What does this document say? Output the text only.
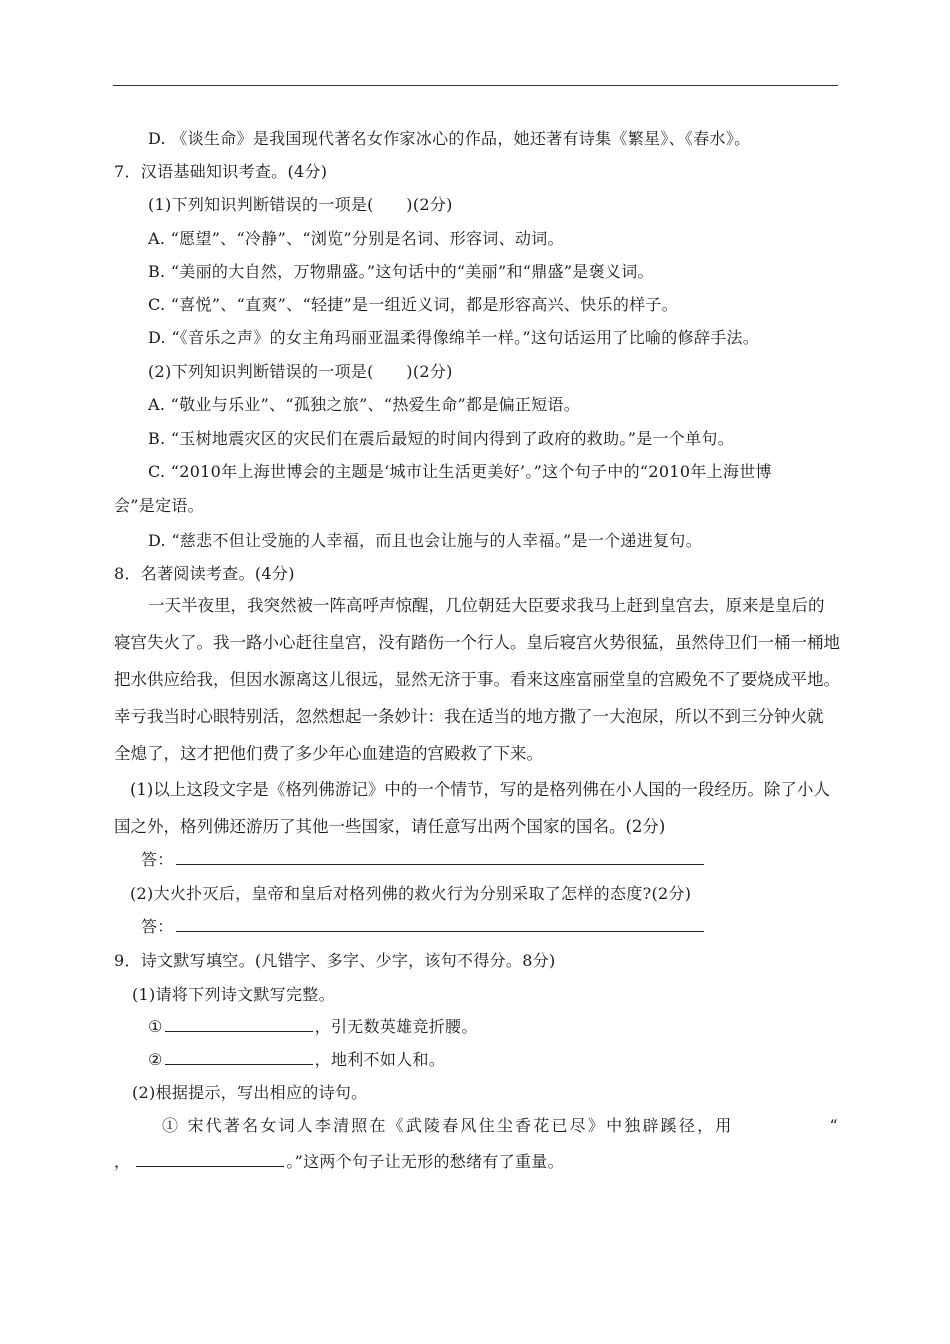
D. 《谈生命》是我国现代著名女作家冰心的作品，她还著有诗集《繁星》、《春水》。
7．汉语基础知识考查。(4分)
(1)下列知识判断错误的一项是(　　)(2分)
A. “愿望”、“冷静”、“浏览”分别是名词、形容词、动词。
B. “美丽的大自然，万物鼎盛。”这句话中的“美丽”和“鼎盛”是褒义词。
C. “喜悦”、“直爽”、“轻捷”是一组近义词，都是形容高兴、快乐的样子。
D. “《音乐之声》的女主角玛丽亚温柔得像绵羊一样。”这句话运用了比喻的修辞手法。
(2)下列知识判断错误的一项是(　　)(2分)
A. “敬业与乐业”、“孤独之旅”、“热爱生命”都是偏正短语。
B. “玉树地震灾区的灾民们在震后最短的时间内得到了政府的救助。”是一个单句。
C. “2010年上海世博会的主题是‘城市让生活更美好’。”这个句子中的“2010年上海世博
会”是定语。
D. “慈悲不但让受施的人幸福，而且也会让施与的人幸福。”是一个递进复句。
8．名著阅读考查。(4分)
一天半夜里，我突然被一阵高呼声惊醒，几位朝廷大臣要求我马上赶到皇宫去，原来是皇后的
寝宫失火了。我一路小心赶往皇宫，没有踏伤一个行人。皇后寝宫火势很猛，虽然侍卫们一桶一桶地
把水供应给我，但因水源离这儿很远，显然无济于事。看来这座富丽堂皇的宫殿免不了要烧成平地。
幸亏我当时心眼特别活，忽然想起一条妙计：我在适当的地方撒了一大泡尿，所以不到三分钟火就
全熄了，这才把他们费了多少年心血建造的宫殿救了下来。
(1)以上这段文字是《格列佛游记》中的一个情节，写的是格列佛在小人国的一段经历。除了小人
国之外，格列佛还游历了其他一些国家，请任意写出两个国家的国名。(2分)
答：
(2)大火扑灭后，皇帝和皇后对格列佛的救火行为分别采取了怎样的态度?(2分)
答：
9．诗文默写填空。(凡错字、多字、少字，该句不得分。8分)
(1)请将下列诗文默写完整。
①	，引无数英雄竞折腰。
②	，地利不如人和。
(2)根据提示，写出相应的诗句。
① 宋代著名女词人李清照在《武陵春风住尘香花已尽》中独辟蹊径，用	“
，	。”这两个句子让无形的愁绪有了重量。
